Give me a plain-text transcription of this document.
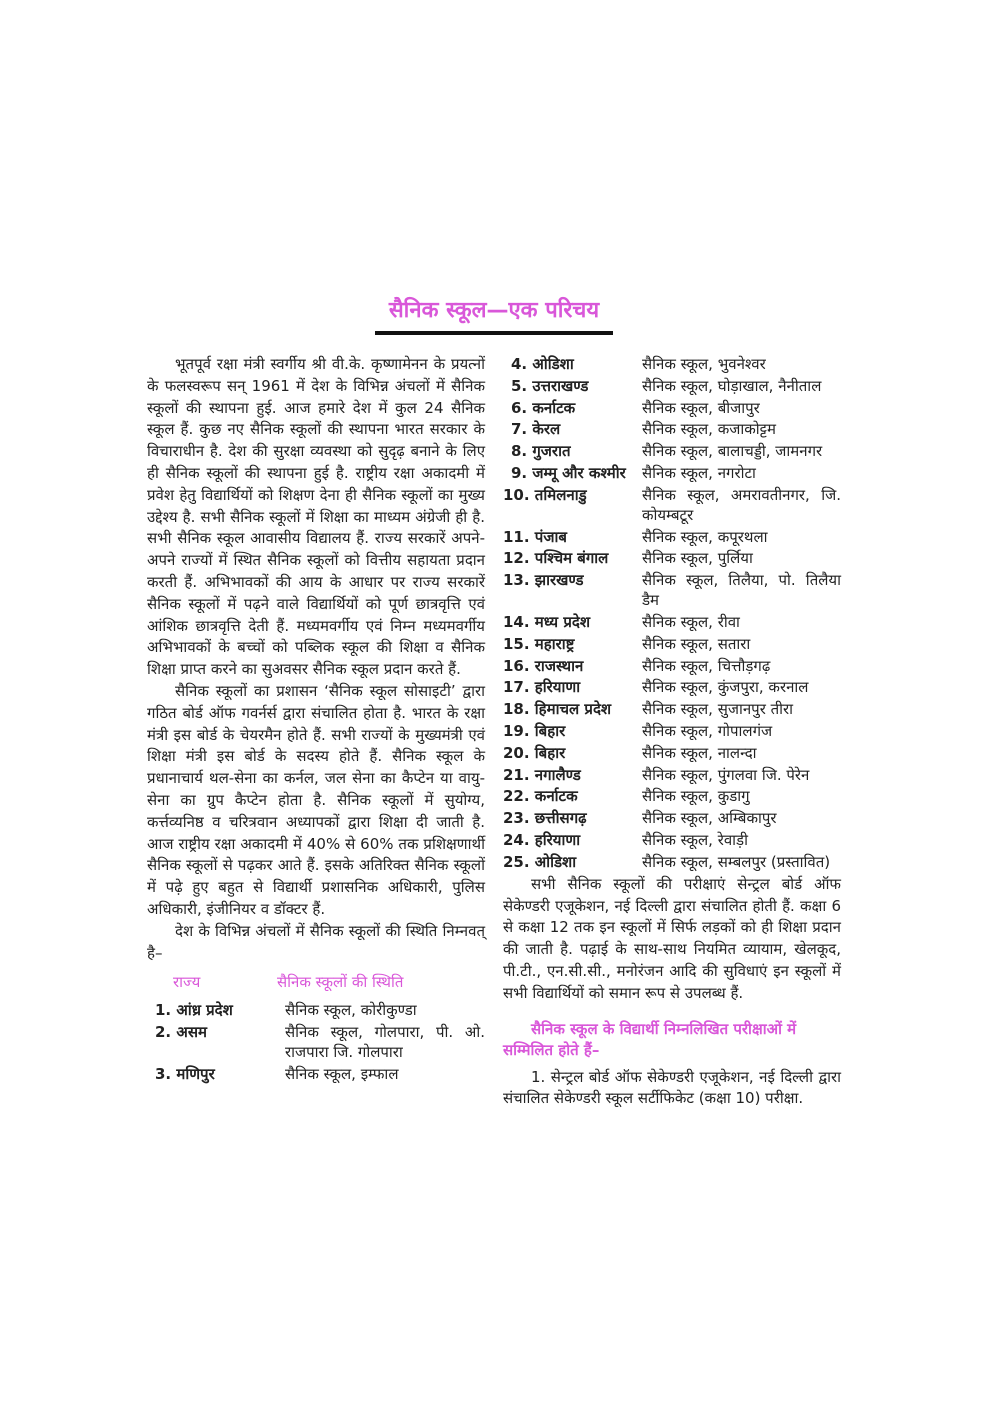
सैनिक स्कूल—एक परिचय

भूतपूर्व रक्षा मंत्री स्वर्गीय श्री वी.के. कृष्णामेनन के प्रयत्नों के फलस्वरूप सन् 1961 में देश के विभिन्न अंचलों में सैनिक स्कूलों की स्थापना हुई. आज हमारे देश में कुल 24 सैनिक स्कूल हैं. कुछ नए सैनिक स्कूलों की स्थापना भारत सरकार के विचाराधीन है. देश की सुरक्षा व्यवस्था को सुदृढ़ बनाने के लिए ही सैनिक स्कूलों की स्थापना हुई है. राष्ट्रीय रक्षा अकादमी में प्रवेश हेतु विद्यार्थियों को शिक्षण देना ही सैनिक स्कूलों का मुख्य उद्देश्य है. सभी सैनिक स्कूलों में शिक्षा का माध्यम अंग्रेजी ही है. सभी सैनिक स्कूल आवासीय विद्यालय हैं. राज्य सरकारें अपने-अपने राज्यों में स्थित सैनिक स्कूलों को वित्तीय सहायता प्रदान करती हैं. अभिभावकों की आय के आधार पर राज्य सरकारें सैनिक स्कूलों में पढ़ने वाले विद्यार्थियों को पूर्ण छात्रवृत्ति एवं आंशिक छात्रवृत्ति देती हैं. मध्यमवर्गीय एवं निम्न मध्यमवर्गीय अभिभावकों के बच्चों को पब्लिक स्कूल की शिक्षा व सैनिक शिक्षा प्राप्त करने का सुअवसर सैनिक स्कूल प्रदान करते हैं.

सैनिक स्कूलों का प्रशासन ‘सैनिक स्कूल सोसाइटी’ द्वारा गठित बोर्ड ऑफ गवर्नर्स द्वारा संचालित होता है. भारत के रक्षा मंत्री इस बोर्ड के चेयरमैन होते हैं. सभी राज्यों के मुख्यमंत्री एवं शिक्षा मंत्री इस बोर्ड के सदस्य होते हैं. सैनिक स्कूल के प्रधानाचार्य थल-सेना का कर्नल, जल सेना का कैप्टेन या वायु-सेना का ग्रुप कैप्टेन होता है. सैनिक स्कूलों में सुयोग्य, कर्त्तव्यनिष्ठ व चरित्रवान अध्यापकों द्वारा शिक्षा दी जाती है. आज राष्ट्रीय रक्षा अकादमी में 40% से 60% तक प्रशिक्षणार्थी सैनिक स्कूलों से पढ़कर आते हैं. इसके अतिरिक्त सैनिक स्कूलों में पढ़े हुए बहुत से विद्यार्थी प्रशासनिक अधिकारी, पुलिस अधिकारी, इंजीनियर व डॉक्टर हैं.

देश के विभिन्न अंचलों में सैनिक स्कूलों की स्थिति निम्नवत् है–

राज्य	सैनिक स्कूलों की स्थिति
1. आंध्र प्रदेश	सैनिक स्कूल, कोरीकुण्डा
2. असम	सैनिक स्कूल, गोलपारा, पी. ओ. राजपारा जि. गोलपारा
3. मणिपुर	सैनिक स्कूल, इम्फाल
4. ओडिशा	सैनिक स्कूल, भुवनेश्वर
5. उत्तराखण्ड	सैनिक स्कूल, घोड़ाखाल, नैनीताल
6. कर्नाटक	सैनिक स्कूल, बीजापुर
7. केरल	सैनिक स्कूल, कजाकोट्टम
8. गुजरात	सैनिक स्कूल, बालाचड्डी, जामनगर
9. जम्मू और कश्मीर	सैनिक स्कूल, नगरोटा
10. तमिलनाडु	सैनिक स्कूल, अमरावतीनगर, जि. कोयम्बटूर
11. पंजाब	सैनिक स्कूल, कपूरथला
12. पश्चिम बंगाल	सैनिक स्कूल, पुर्लिया
13. झारखण्ड	सैनिक स्कूल, तिलैया, पो. तिलैया डैम
14. मध्य प्रदेश	सैनिक स्कूल, रीवा
15. महाराष्ट्र	सैनिक स्कूल, सतारा
16. राजस्थान	सैनिक स्कूल, चित्तौड़गढ़
17. हरियाणा	सैनिक स्कूल, कुंजपुरा, करनाल
18. हिमाचल प्रदेश	सैनिक स्कूल, सुजानपुर तीरा
19. बिहार	सैनिक स्कूल, गोपालगंज
20. बिहार	सैनिक स्कूल, नालन्दा
21. नगालैण्ड	सैनिक स्कूल, पुंगलवा जि. पेरेन
22. कर्नाटक	सैनिक स्कूल, कुडागु
23. छत्तीसगढ़	सैनिक स्कूल, अम्बिकापुर
24. हरियाणा	सैनिक स्कूल, रेवाड़ी
25. ओडिशा	सैनिक स्कूल, सम्बलपुर (प्रस्तावित)

सभी सैनिक स्कूलों की परीक्षाएं सेन्ट्रल बोर्ड ऑफ सेकेण्डरी एजूकेशन, नई दिल्ली द्वारा संचालित होती हैं. कक्षा 6 से कक्षा 12 तक इन स्कूलों में सिर्फ लड़कों को ही शिक्षा प्रदान की जाती है. पढ़ाई के साथ-साथ नियमित व्यायाम, खेलकूद, पी.टी., एन.सी.सी., मनोरंजन आदि की सुविधाएं इन स्कूलों में सभी विद्यार्थियों को समान रूप से उपलब्ध हैं.

सैनिक स्कूल के विद्यार्थी निम्नलिखित परीक्षाओं में सम्मिलित होते हैं–

1. सेन्ट्रल बोर्ड ऑफ सेकेण्डरी एजूकेशन, नई दिल्ली द्वारा संचालित सेकेण्डरी स्कूल सर्टीफिकेट (कक्षा 10) परीक्षा.
